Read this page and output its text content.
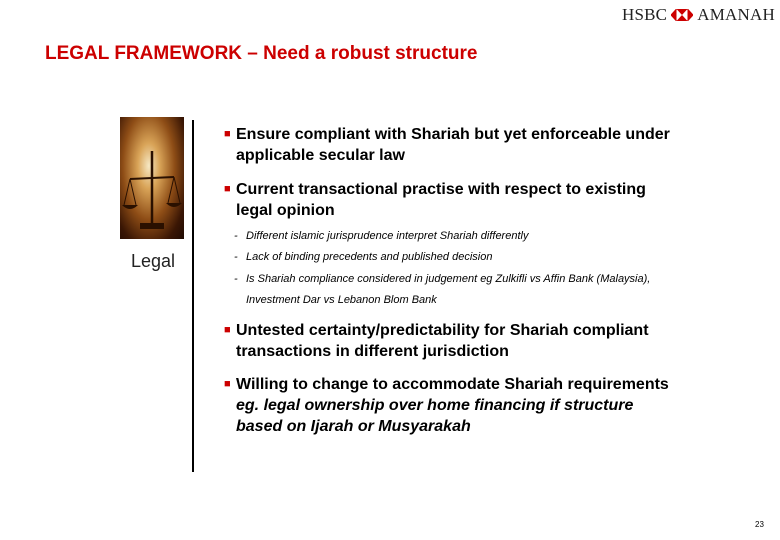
HSBC AMANAH
LEGAL FRAMEWORK – Need a robust structure
Legal
■ Ensure compliant with Shariah but yet enforceable under
applicable secular law
■ Current transactional practise with respect to existing
legal opinion
- Different islamic jurisprudence interpret Shariah differently
- Lack of binding precedents and published decision
- Is Shariah compliance considered in judgement eg Zulkifli vs Affin Bank (Malaysia),
Investment Dar vs Lebanon Blom Bank
■ Untested certainty/predictability for Shariah compliant
transactions in different jurisdiction
■ Willing to change to accommodate Shariah requirements
eg. legal ownership over home financing if structure
based on Ijarah or Musyarakah
23
